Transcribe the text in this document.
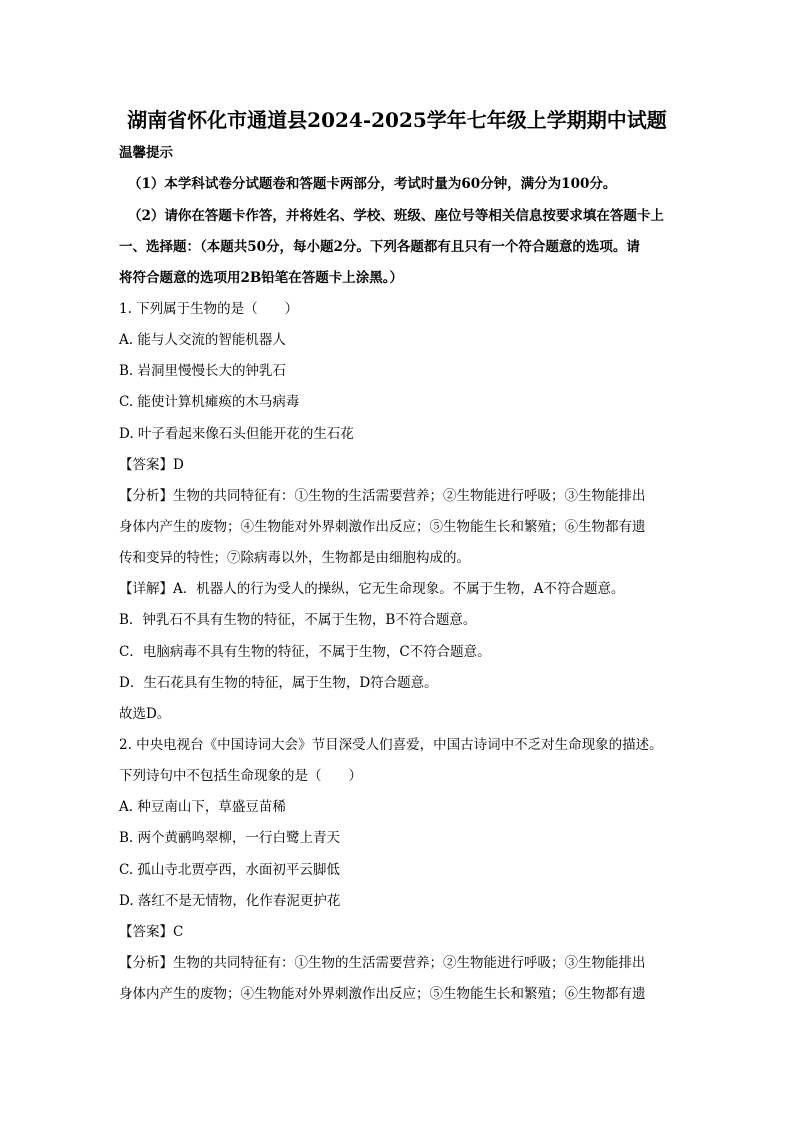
湖南省怀化市通道县2024-2025学年七年级上学期期中试题
温馨提示
（1）本学科试卷分试题卷和答题卡两部分，考试时量为60分钟，满分为100分。
（2）请你在答题卡作答，并将姓名、学校、班级、座位号等相关信息按要求填在答题卡上
一、选择题：（本题共50分，每小题2分。下列各题都有且只有一个符合题意的选项。请
将符合题意的选项用2B铅笔在答题卡上涂黑。）
1. 下列属于生物的是（　　）
A. 能与人交流的智能机器人
B. 岩洞里慢慢长大的钟乳石
C. 能使计算机瘫痪的木马病毒
D. 叶子看起来像石头但能开花的生石花
【答案】D
【分析】生物的共同特征有：①生物的生活需要营养；②生物能进行呼吸；③生物能排出
身体内产生的废物；④生物能对外界刺激作出反应；⑤生物能生长和繁殖；⑥生物都有遗
传和变异的特性；⑦除病毒以外，生物都是由细胞构成的。
【详解】A．机器人的行为受人的操纵，它无生命现象。不属于生物，A不符合题意。
B．钟乳石不具有生物的特征，不属于生物，B不符合题意。
C．电脑病毒不具有生物的特征，不属于生物，C不符合题意。
D．生石花具有生物的特征，属于生物，D符合题意。
故选D。
2. 中央电视台《中国诗词大会》节目深受人们喜爱，中国古诗词中不乏对生命现象的描述。
下列诗句中不包括生命现象的是（　　）
A. 种豆南山下，草盛豆苗稀
B. 两个黄鹂鸣翠柳，一行白鹭上青天
C. 孤山寺北贾亭西，水面初平云脚低
D. 落红不是无情物，化作春泥更护花
【答案】C
【分析】生物的共同特征有：①生物的生活需要营养；②生物能进行呼吸；③生物能排出
身体内产生的废物；④生物能对外界刺激作出反应；⑤生物能生长和繁殖；⑥生物都有遗
